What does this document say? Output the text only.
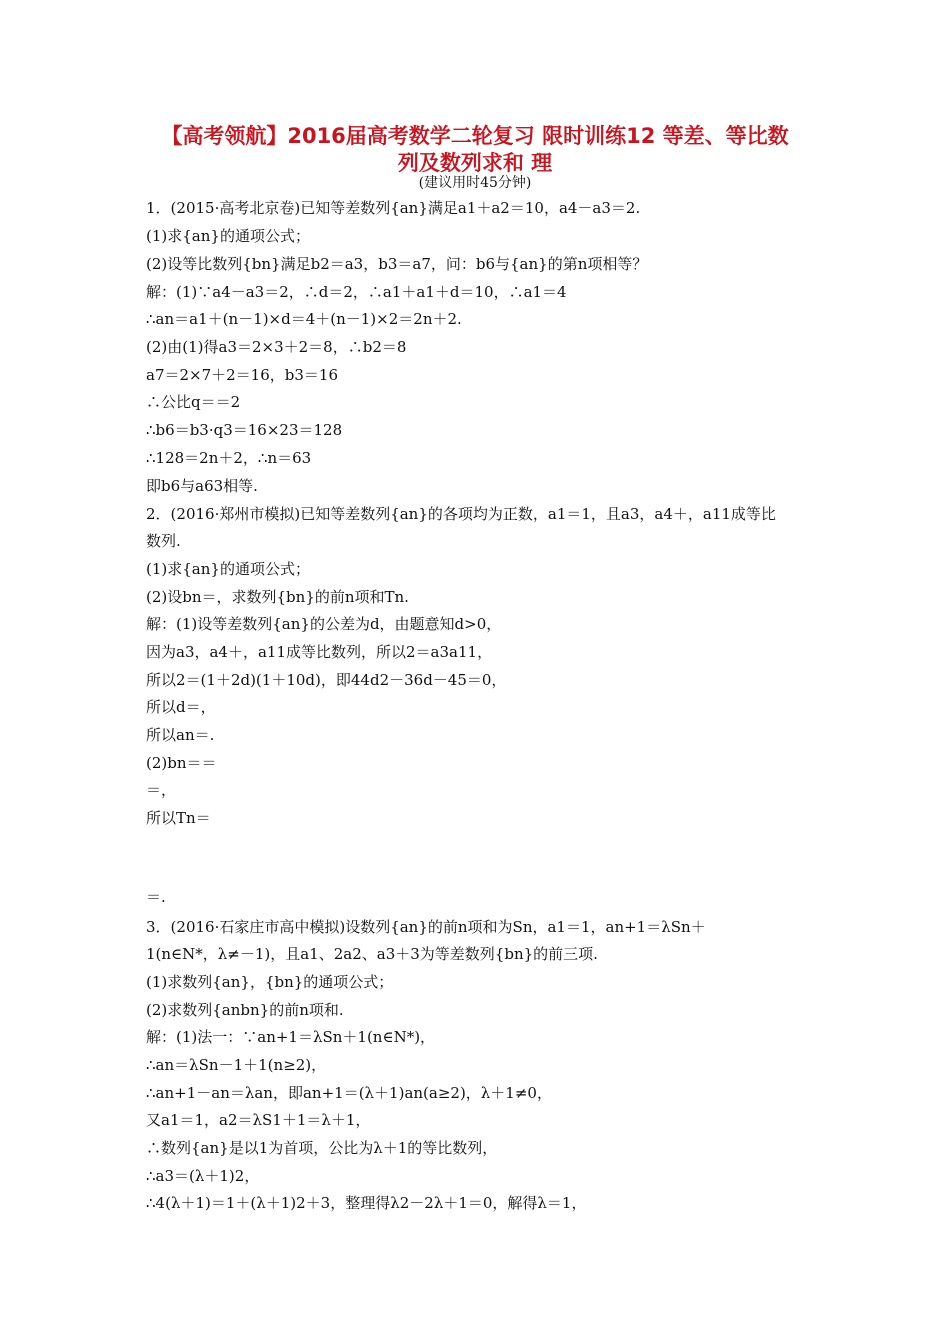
【高考领航】2016届高考数学二轮复习 限时训练12 等差、等比数
列及数列求和 理
(建议用时45分钟)
1．(2015·高考北京卷)已知等差数列{an}满足a1＋a2＝10，a4－a3＝2.
(1)求{an}的通项公式；
(2)设等比数列{bn}满足b2＝a3，b3＝a7，问：b6与{an}的第n项相等？
解：(1)∵a4－a3＝2，∴d＝2，∴a1＋a1＋d＝10，∴a1＝4
∴an＝a1＋(n－1)×d＝4＋(n－1)×2＝2n＋2.
(2)由(1)得a3＝2×3＋2＝8，∴b2＝8
a7＝2×7＋2＝16，b3＝16
∴公比q＝＝2
∴b6＝b3·q3＝16×23＝128
∴128＝2n＋2，∴n＝63
即b6与a63相等.
2．(2016·郑州市模拟)已知等差数列{an}的各项均为正数，a1＝1，且a3，a4＋，a11成等比
数列.
(1)求{an}的通项公式；
(2)设bn＝，求数列{bn}的前n项和Tn.
解：(1)设等差数列{an}的公差为d，由题意知d>0，
因为a3，a4＋，a11成等比数列，所以2＝a3a11，
所以2＝(1＋2d)(1＋10d)，即44d2－36d－45＝0，
所以d＝，
所以an＝.
(2)bn＝＝
＝，
所以Tn＝
＝.
3．(2016·石家庄市高中模拟)设数列{an}的前n项和为Sn，a1＝1，an+1＝λSn＋
1(n∈N*，λ≠－1)，且a1、2a2、a3＋3为等差数列{bn}的前三项.
(1)求数列{an}，{bn}的通项公式；
(2)求数列{anbn}的前n项和.
解：(1)法一：∵an+1＝λSn＋1(n∈N*)，
∴an＝λSn－1＋1(n≥2)，
∴an+1－an＝λan，即an+1＝(λ＋1)an(a≥2)，λ＋1≠0，
又a1＝1，a2＝λS1＋1＝λ＋1，
∴数列{an}是以1为首项，公比为λ＋1的等比数列，
∴a3＝(λ＋1)2，
∴4(λ＋1)＝1＋(λ＋1)2＋3，整理得λ2－2λ＋1＝0，解得λ＝1，
